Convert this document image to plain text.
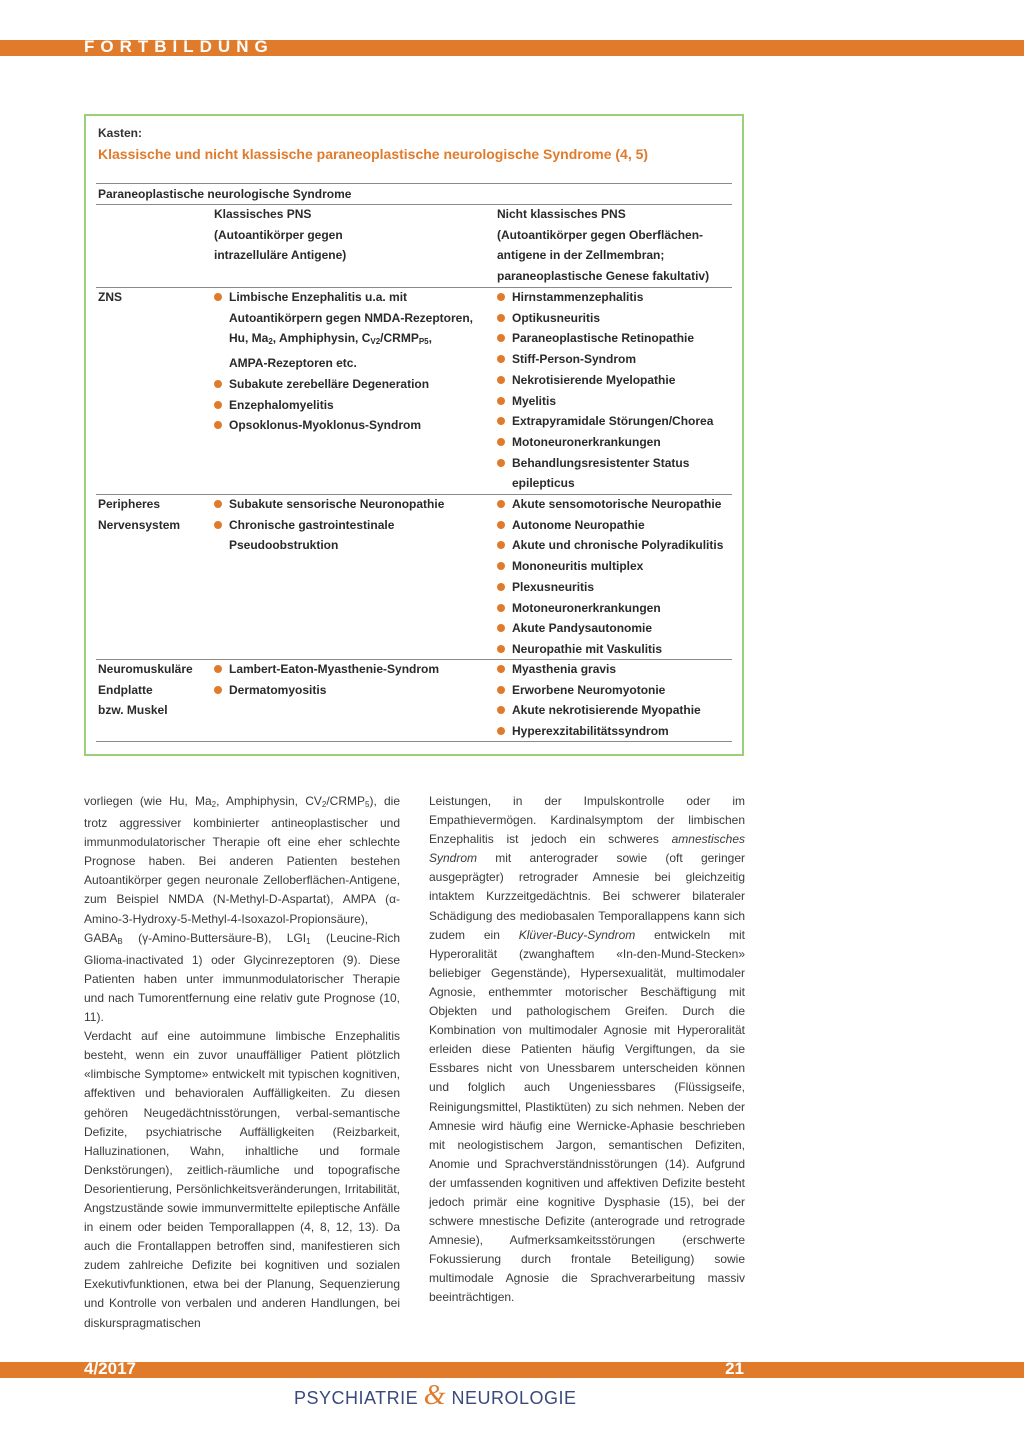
FORTBILDUNG
Kasten:
Klassische und nicht klassische paraneoplastische neurologische Syndrome (4, 5)
Paraneoplastische neurologische Syndrome
Klassisches PNS
(Autoantikörper gegen
intrazelluläre Antigene)
Nicht klassisches PNS
(Autoantikörper gegen Oberflächen-
antigene in der Zellmembran;
paraneoplastische Genese fakultativ)
ZNS	Limbische Enzephalitis u.a. mit
Autoantikörpern gegen NMDA-Rezeptoren,
Hu, $Ma_2$, Amphiphysin, $C_{V2}/CRMP_{P5}$,
AMPA-Rezeptoren etc.
Subakute zerebelläre Degeneration
Enzephalomyelitis
Opsoklonus-Myoklonus-Syndrom
Hirnstammenzephalitis
Optikusneuritis
Paraneoplastische Retinopathie
Stiff-Person-Syndrom
Nekrotisierende Myelopathie
Myelitis
Extrapyramidale Störungen/Chorea
Motoneuronerkrankungen
Behandlungsresistenter Status
epilepticus
Peripheres
Nervensystem
Subakute sensorische Neuronopathie
Chronische gastrointestinale
Pseudoobstruktion
Akute sensomotorische Neuropathie
Autonome Neuropathie
Akute und chronische Polyradikulitis
Mononeuritis multiplex
Plexusneuritis
Motoneuronerkrankungen
Akute Pandysautonomie
Neuropathie mit Vaskulitis
Neuromuskuläre
Endplatte
bzw. Muskel
Lambert-Eaton-Myasthenie-Syndrom
Dermatomyositis
Myasthenia gravis
Erworbene Neuromyotonie
Akute nekrotisierende Myopathie
Hyperexzitabilitätssyndrom

vorliegen (wie Hu, $Ma_2$, Amphiphysin, $CV_2/CRMP_5$), die trotz aggressiver kombinierter antineoplastischer und immunmodulatorischer Therapie oft eine eher schlechte Prognose haben. Bei anderen Patienten bestehen Autoantikörper gegen neuronale Zelloberflächen-Antigene, zum Beispiel NMDA (N-Methyl-D-Aspartat), AMPA (α-Amino-3-Hydroxy-5-Methyl-4-Isoxazol-Propionsäure), $GABA_B$ (γ-Amino-Buttersäure-B), $LGI_1$ (Leucine-Rich Glioma-inactivated 1) oder Glycinrezeptoren (9). Diese Patienten haben unter immunmodulatorischer Therapie und nach Tumorentfernung eine relativ gute Prognose (10, 11).

Verdacht auf eine autoimmune limbische Enzephalitis besteht, wenn ein zuvor unauffälliger Patient plötzlich «limbische Symptome» entwickelt mit typischen kognitiven, affektiven und behavioralen Auffälligkeiten. Zu diesen gehören Neugedächtnisstörungen, verbal-semantische Defizite, psychiatrische Auffälligkeiten (Reizbarkeit, Halluzinationen, Wahn, inhaltliche und formale Denkstörungen), zeitlich-räumliche und topografische Desorientierung, Persönlichkeitsveränderungen, Irritabilität, Angstzustände sowie immunvermittelte epileptische Anfälle in einem oder beiden Temporallappen (4, 8, 12, 13). Da auch die Frontallappen betroffen sind, manifestieren sich zudem zahlreiche Defizite bei kognitiven und sozialen Exekutivfunktionen, etwa bei der Planung, Sequenzierung und Kontrolle von verbalen und anderen Handlungen, bei diskurspragmatischen

Leistungen, in der Impulskontrolle oder im Empathievermögen. Kardinalsymptom der limbischen Enzephalitis ist jedoch ein schweres amnestisches Syndrom mit anterograder sowie (oft geringer ausgeprägter) retrograder Amnesie bei gleichzeitig intaktem Kurzzeitgedächtnis. Bei schwerer bilateraler Schädigung des mediobasalen Temporallappens kann sich zudem ein Klüver-Bucy-Syndrom entwickeln mit Hyperoralität (zwanghaftem «In-den-Mund-Stecken» beliebiger Gegenstände), Hypersexualität, multimodaler Agnosie, enthemmter motorischer Beschäftigung mit Objekten und pathologischem Greifen. Durch die Kombination von multimodaler Agnosie mit Hyperoralität erleiden diese Patienten häufig Vergiftungen, da sie Essbares nicht von Unessbarem unterscheiden können und folglich auch Ungeniessbares (Flüssigseife, Reinigungsmittel, Plastiktüten) zu sich nehmen. Neben der Amnesie wird häufig eine Wernicke-Aphasie beschrieben mit neologistischem Jargon, semantischen Defiziten, Anomie und Sprachverständnisstörungen (14). Aufgrund der umfassenden kognitiven und affektiven Defizite besteht jedoch primär eine kognitive Dysphasie (15), bei der schwere mnestische Defizite (anterograde und retrograde Amnesie), Aufmerksamkeitsstörungen (erschwerte Fokussierung durch frontale Beteiligung) sowie multimodale Agnosie die Sprachverarbeitung massiv beeinträchtigen.

4/2017	21
PSYCHIATRIE & NEUROLOGIE
